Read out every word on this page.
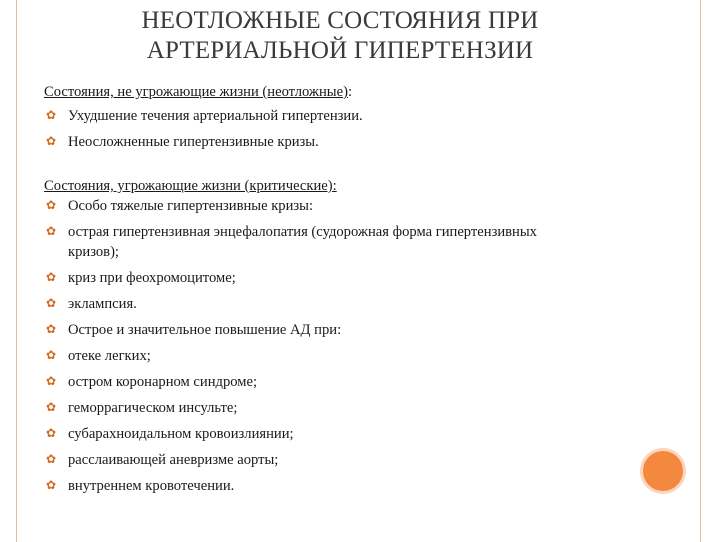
НЕОТЛОЖНЫЕ СОСТОЯНИЯ ПРИ
АРТЕРИАЛЬНОЙ ГИПЕРТЕНЗИИ
Состояния, не угрожающие жизни (неотложные):
✿ Ухудшение течения артериальной гипертензии.
✿ Неосложненные гипертензивные кризы.
Состояния, угрожающие жизни (критические):
✿ Особо тяжелые гипертензивные кризы:
✿ острая гипертензивная энцефалопатия (судорожная форма гипертензивных
кризов);
✿ криз при феохромоцитоме;
✿ эклампсия.
✿ Острое и значительное повышение АД при:
✿ отеке легких;
✿ остром коронарном синдроме;
✿ геморрагическом инсульте;
✿ субарахноидальном кровоизлиянии;
✿ расслаивающей аневризме аорты;
✿ внутреннем кровотечении.
